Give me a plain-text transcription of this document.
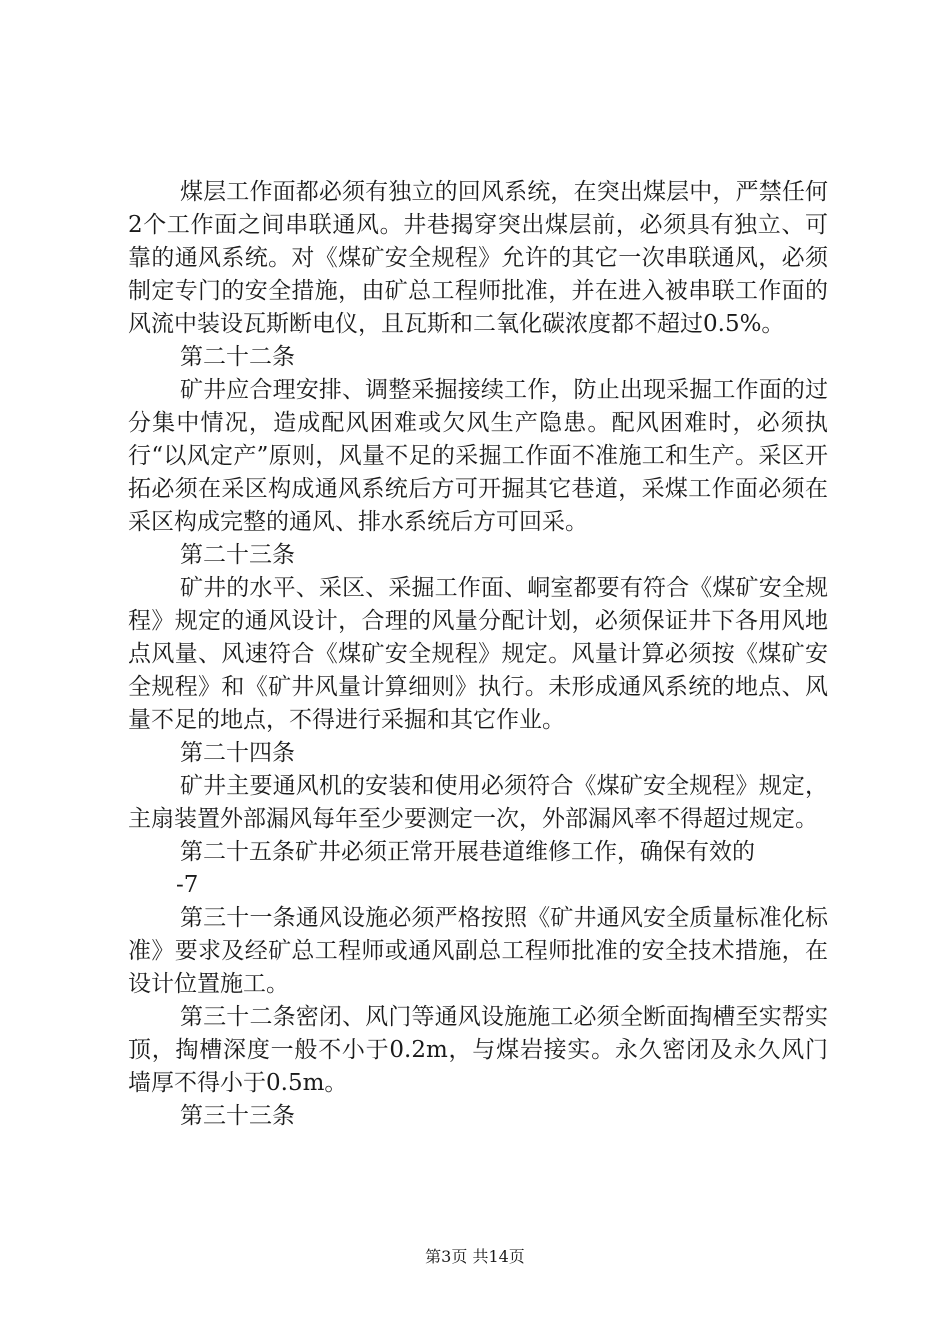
煤层工作面都必须有独立的回风系统，在突出煤层中，严禁任何2个工作面之间串联通风。井巷揭穿突出煤层前，必须具有独立、可靠的通风系统。对《煤矿安全规程》允许的其它一次串联通风，必须制定专门的安全措施，由矿总工程师批准，并在进入被串联工作面的风流中装设瓦斯断电仪，且瓦斯和二氧化碳浓度都不超过0.5%。

第二十二条

矿井应合理安排、调整采掘接续工作，防止出现采掘工作面的过分集中情况，造成配风困难或欠风生产隐患。配风困难时，必须执行“以风定产”原则，风量不足的采掘工作面不准施工和生产。采区开拓必须在采区构成通风系统后方可开掘其它巷道，采煤工作面必须在采区构成完整的通风、排水系统后方可回采。

第二十三条

矿井的水平、采区、采掘工作面、峒室都要有符合《煤矿安全规程》规定的通风设计，合理的风量分配计划，必须保证井下各用风地点风量、风速符合《煤矿安全规程》规定。风量计算必须按《煤矿安全规程》和《矿井风量计算细则》执行。未形成通风系统的地点、风量不足的地点，不得进行采掘和其它作业。

第二十四条

矿井主要通风机的安装和使用必须符合《煤矿安全规程》规定，主扇装置外部漏风每年至少要测定一次，外部漏风率不得超过规定。

第二十五条矿井必须正常开展巷道维修工作，确保有效的

-7

第三十一条通风设施必须严格按照《矿井通风安全质量标准化标准》要求及经矿总工程师或通风副总工程师批准的安全技术措施，在设计位置施工。

第三十二条密闭、风门等通风设施施工必须全断面掏槽至实帮实顶，掏槽深度一般不小于0.2m，与煤岩接实。永久密闭及永久风门墙厚不得小于0.5m。

第三十三条

第3页 共14页
